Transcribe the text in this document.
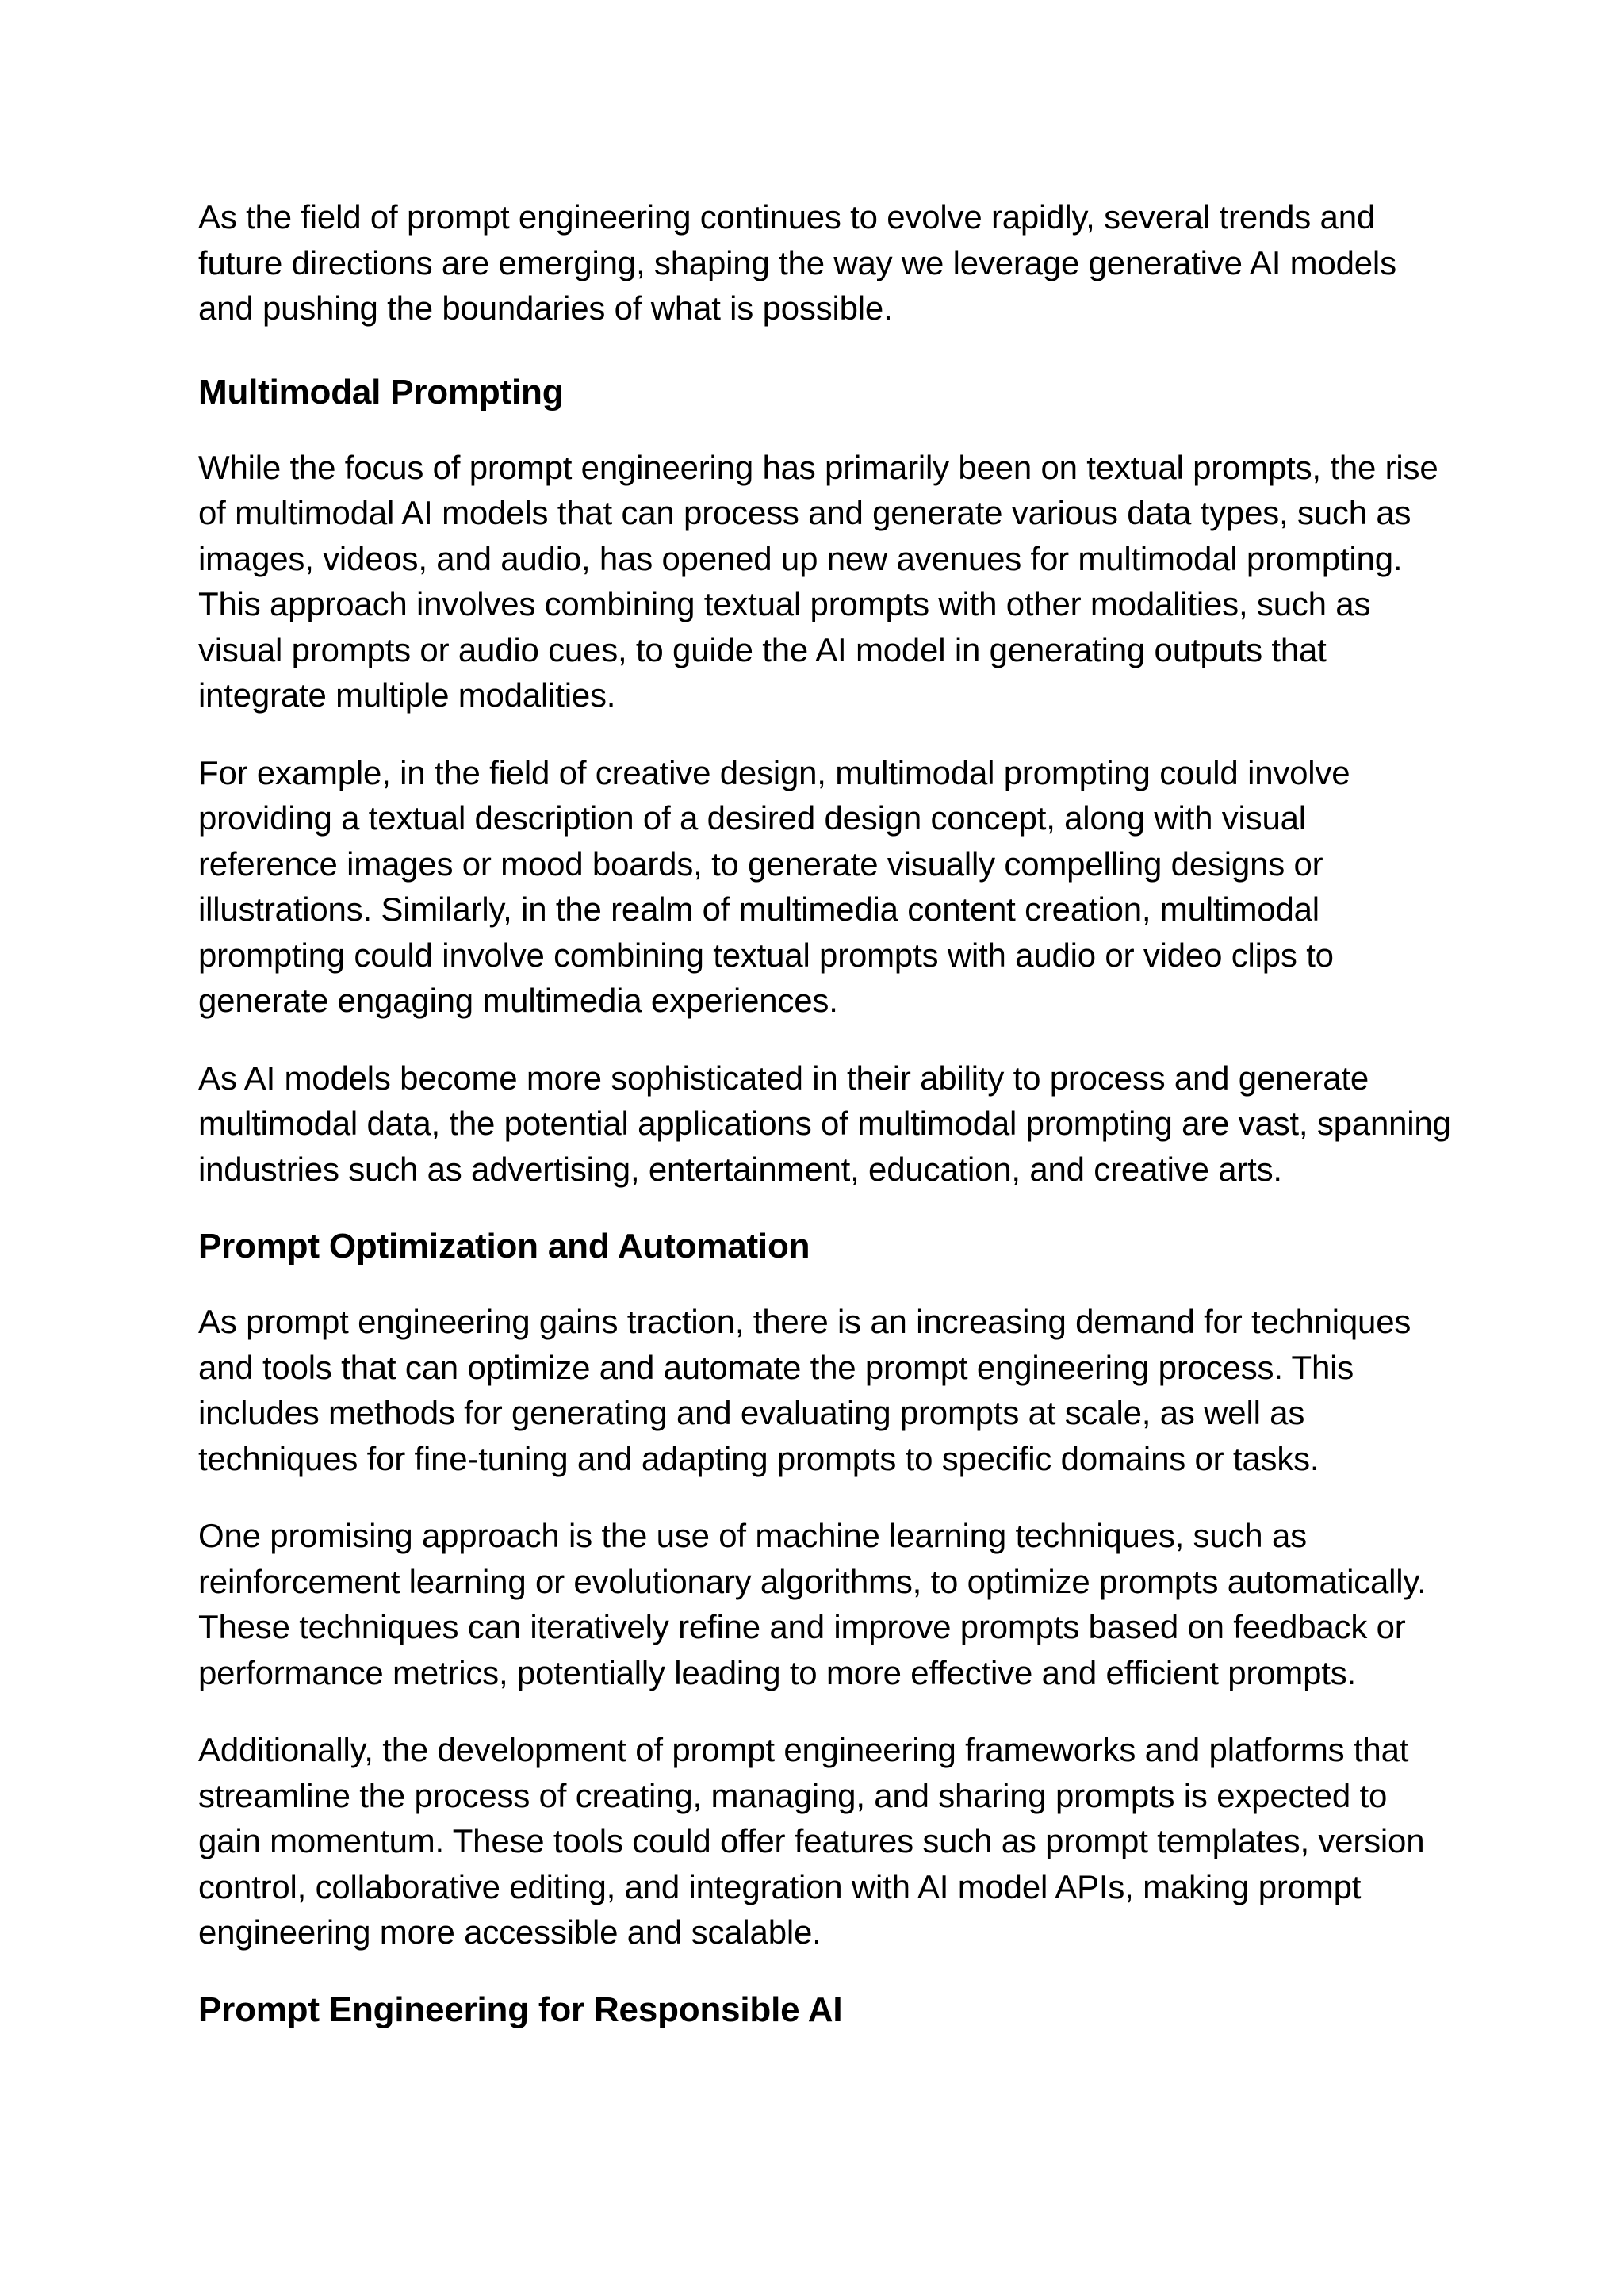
As the field of prompt engineering continues to evolve rapidly, several trends and future directions are emerging, shaping the way we leverage generative AI models and pushing the boundaries of what is possible.

Multimodal Prompting

While the focus of prompt engineering has primarily been on textual prompts, the rise of multimodal AI models that can process and generate various data types, such as images, videos, and audio, has opened up new avenues for multimodal prompting. This approach involves combining textual prompts with other modalities, such as visual prompts or audio cues, to guide the AI model in generating outputs that integrate multiple modalities.

For example, in the field of creative design, multimodal prompting could involve providing a textual description of a desired design concept, along with visual reference images or mood boards, to generate visually compelling designs or illustrations. Similarly, in the realm of multimedia content creation, multimodal prompting could involve combining textual prompts with audio or video clips to generate engaging multimedia experiences.

As AI models become more sophisticated in their ability to process and generate multimodal data, the potential applications of multimodal prompting are vast, spanning industries such as advertising, entertainment, education, and creative arts.

Prompt Optimization and Automation

As prompt engineering gains traction, there is an increasing demand for techniques and tools that can optimize and automate the prompt engineering process. This includes methods for generating and evaluating prompts at scale, as well as techniques for fine-tuning and adapting prompts to specific domains or tasks.

One promising approach is the use of machine learning techniques, such as reinforcement learning or evolutionary algorithms, to optimize prompts automatically. These techniques can iteratively refine and improve prompts based on feedback or performance metrics, potentially leading to more effective and efficient prompts.

Additionally, the development of prompt engineering frameworks and platforms that streamline the process of creating, managing, and sharing prompts is expected to gain momentum. These tools could offer features such as prompt templates, version control, collaborative editing, and integration with AI model APIs, making prompt engineering more accessible and scalable.

Prompt Engineering for Responsible AI
